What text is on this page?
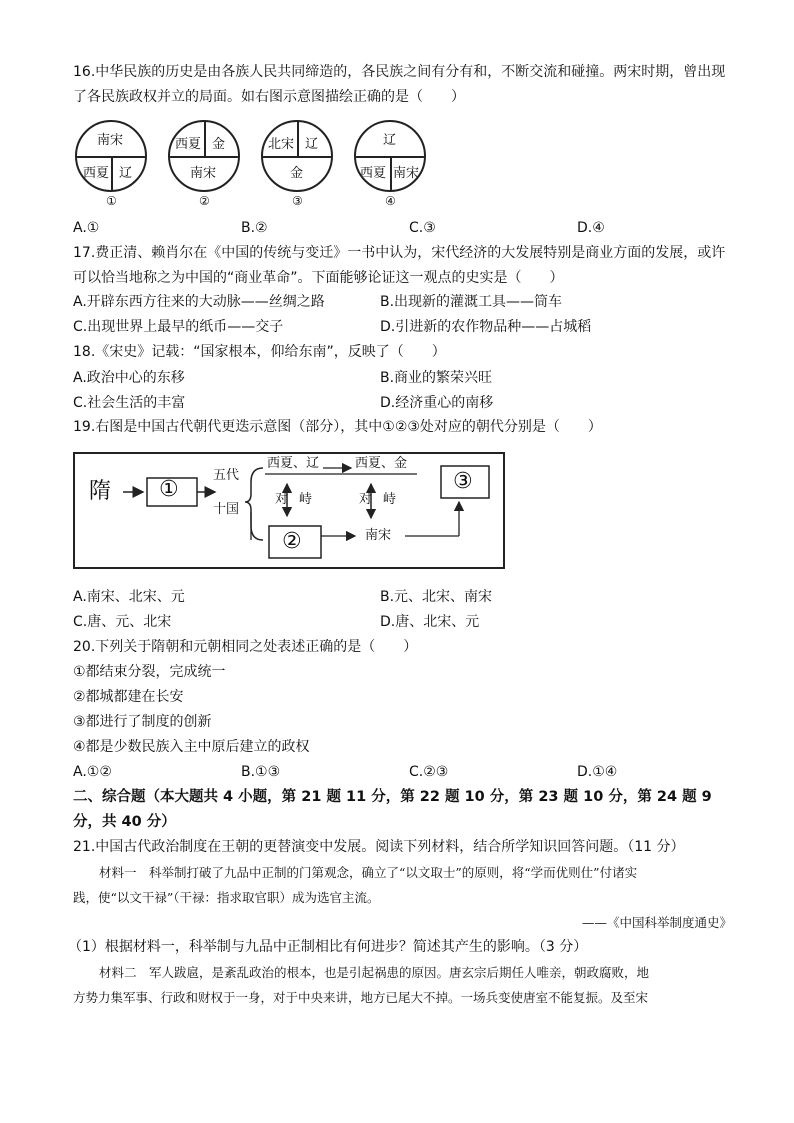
16.中华民族的历史是由各族人民共同缔造的，各民族之间有分有和，不断交流和碰撞。两宋时期，曾出现
了各民族政权并立的局面。如右图示意图描绘正确的是（　　）
南宋
西夏 辽
①
西夏 金
南宋
②
北宋 辽
金
③
辽
西夏 南宋
④
A.①	B.②	C.③	D.④
17.费正清、赖肖尔在《中国的传统与变迁》一书中认为，宋代经济的大发展特别是商业方面的发展，或许
可以恰当地称之为中国的“商业革命”。下面能够论证这一观点的史实是（　　）
A.开辟东西方往来的大动脉——丝绸之路	B.出现新的灌溉工具——筒车
C.出现世界上最早的纸币——交子	D.引进新的农作物品种——占城稻
18.《宋史》记载：“国家根本，仰给东南”，反映了（　　）
A.政治中心的东移	B.商业的繁荣兴旺
C.社会生活的丰富	D.经济重心的南移
19.右图是中国古代朝代更迭示意图（部分），其中①②③处对应的朝代分别是（　　）
隋 ①
五代
十国
西夏、辽	西夏、金
对 峙	对 峙
②	南宋
③
A.南宋、北宋、元	B.元、北宋、南宋
C.唐、元、北宋	D.唐、北宋、元
20.下列关于隋朝和元朝相同之处表述正确的是（　　）
①都结束分裂，完成统一
②都城都建在长安
③都进行了制度的创新
④都是少数民族入主中原后建立的政权
A.①②	B.①③	C.②③	D.①④
二、综合题（本大题共 4 小题，第 21 题 11 分，第 22 题 10 分，第 23 题 10 分，第 24 题 9
分，共 40 分）
21.中国古代政治制度在王朝的更替演变中发展。阅读下列材料，结合所学知识回答问题。（11 分）
材料一　科举制打破了九品中正制的门第观念，确立了“以文取士”的原则，将“学而优则仕”付诸实
践，使“以文干禄”（干禄：指求取官职）成为选官主流。
——《中国科举制度通史》
（1）根据材料一，科举制与九品中正制相比有何进步？简述其产生的影响。（3 分）
材料二　军人跋扈，是紊乱政治的根本，也是引起祸患的原因。唐玄宗后期任人唯亲，朝政腐败，地
方势力集军事、行政和财权于一身，对于中央来讲，地方已尾大不掉。一场兵变使唐室不能复振。及至宋
